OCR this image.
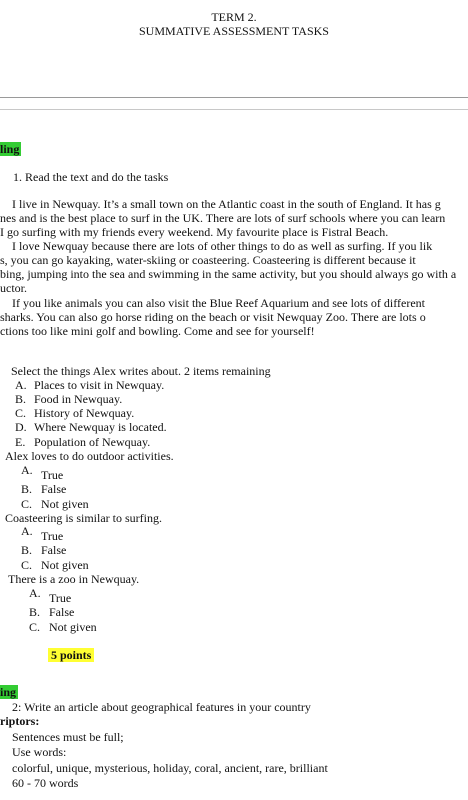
TERM 2.
SUMMATIVE ASSESSMENT TASKS
ling
1. Read the text and do the tasks
I live in Newquay. It’s a small town on the Atlantic coast in the south of England. It has g
nes and is the best place to surf in the UK. There are lots of surf schools where you can learn
I go surfing with my friends every weekend. My favourite place is Fistral Beach.
I love Newquay because there are lots of other things to do as well as surfing. If you lik
s, you can go kayaking, water-skiing or coasteering. Coasteering is different because it
bing, jumping into the sea and swimming in the same activity, but you should always go with a
uctor.
If you like animals you can also visit the Blue Reef Aquarium and see lots of different
sharks. You can also go horse riding on the beach or visit Newquay Zoo. There are lots o
ctions too like mini golf and bowling. Come and see for yourself!
Select the things Alex writes about. 2 items remaining
A. Places to visit in Newquay.
B. Food in Newquay.
C. History of Newquay.
D. Where Newquay is located.
E. Population of Newquay.
Alex loves to do outdoor activities.
A. True
B. False
C. Not given
Coasteering is similar to surfing.
A. True
B. False
C. Not given
There is a zoo in Newquay.
A. True
B. False
C. Not given
5 points
ing
2: Write an article about geographical features in your country
riptors:
Sentences must be full;
Use words:
colorful, unique, mysterious, holiday, coral, ancient, rare, brilliant
60 - 70 words
